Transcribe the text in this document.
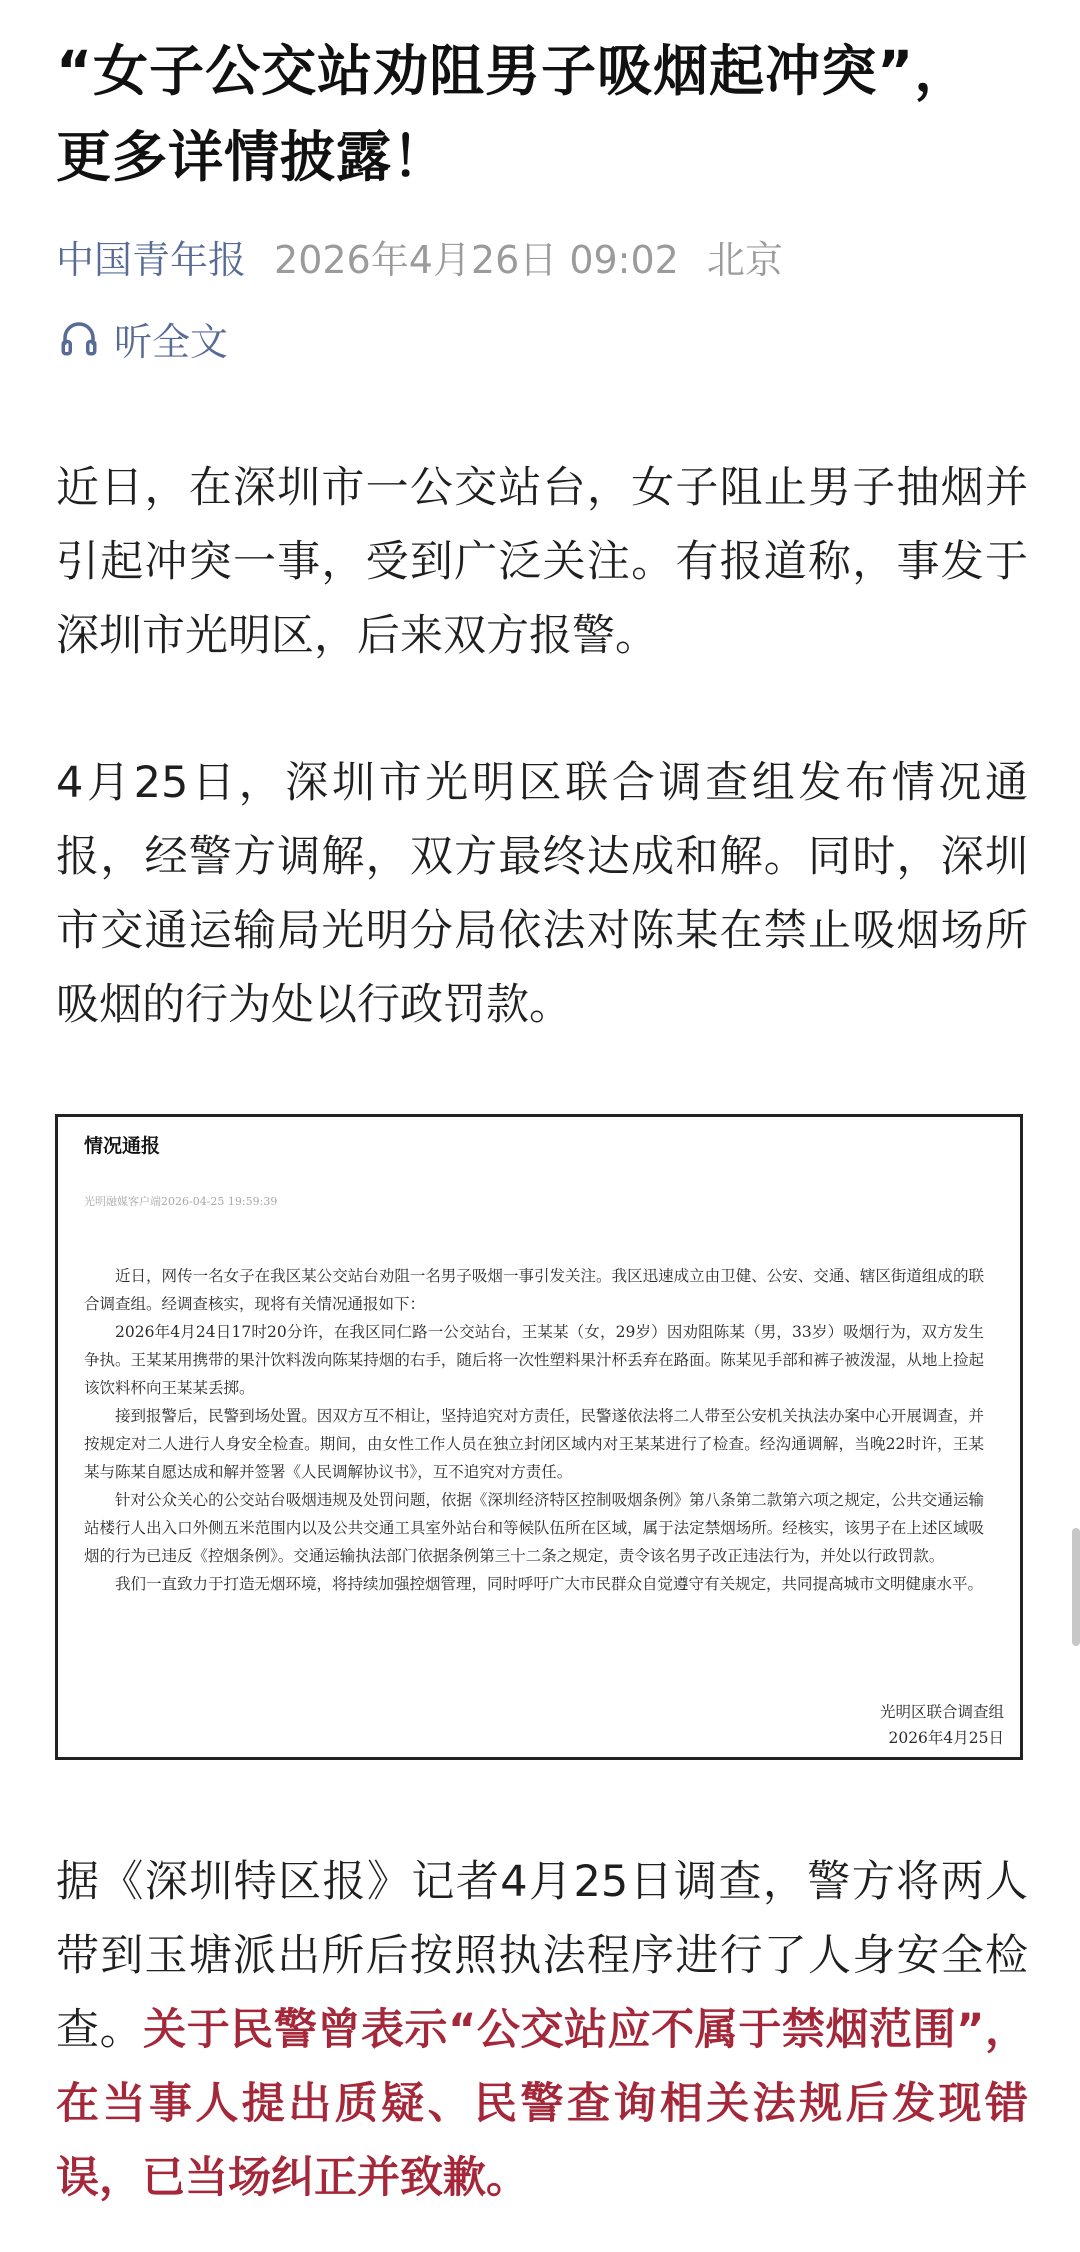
“女子公交站劝阻男子吸烟起冲突”，更多详情披露！
中国青年报 2026年4月26日 09:02 北京
听全文

近日，在深圳市一公交站台，女子阻止男子抽烟并引起冲突一事，受到广泛关注。有报道称，事发于深圳市光明区，后来双方报警。

4月25日，深圳市光明区联合调查组发布情况通报，经警方调解，双方最终达成和解。同时，深圳市交通运输局光明分局依法对陈某在禁止吸烟场所吸烟的行为处以行政罚款。

情况通报
光明融媒客户端2026-04-25 19:59:39

近日，网传一名女子在我区某公交站台劝阻一名男子吸烟一事引发关注。我区迅速成立由卫健、公安、交通、辖区街道组成的联合调查组。经调查核实，现将有关情况通报如下：

2026年4月24日17时20分许，在我区同仁路一公交站台，王某某（女，29岁）因劝阻陈某（男，33岁）吸烟行为，双方发生争执。王某某用携带的果汁饮料泼向陈某持烟的右手，随后将一次性塑料果汁杯丢弃在路面。陈某见手部和裤子被泼湿，从地上捡起该饮料杯向王某某丢掷。

接到报警后，民警到场处置。因双方互不相让，坚持追究对方责任，民警遂依法将二人带至公安机关执法办案中心开展调查，并按规定对二人进行人身安全检查。期间，由女性工作人员在独立封闭区域内对王某某进行了检查。经沟通调解，当晚22时许，王某某与陈某自愿达成和解并签署《人民调解协议书》，互不追究对方责任。

针对公众关心的公交站台吸烟违规及处罚问题，依据《深圳经济特区控制吸烟条例》第八条第二款第六项之规定，公共交通运输站楼行人出入口外侧五米范围内以及公共交通工具室外站台和等候队伍所在区域，属于法定禁烟场所。经核实，该男子在上述区域吸烟的行为已违反《控烟条例》。交通运输执法部门依据条例第三十二条之规定，责令该名男子改正违法行为，并处以行政罚款。

我们一直致力于打造无烟环境，将持续加强控烟管理，同时呼吁广大市民群众自觉遵守有关规定，共同提高城市文明健康水平。

光明区联合调查组
2026年4月25日

据《深圳特区报》记者4月25日调查，警方将两人带到玉塘派出所后按照执法程序进行了人身安全检查。关于民警曾表示“公交站应不属于禁烟范围”，在当事人提出质疑、民警查询相关法规后发现错误，已当场纠正并致歉。
